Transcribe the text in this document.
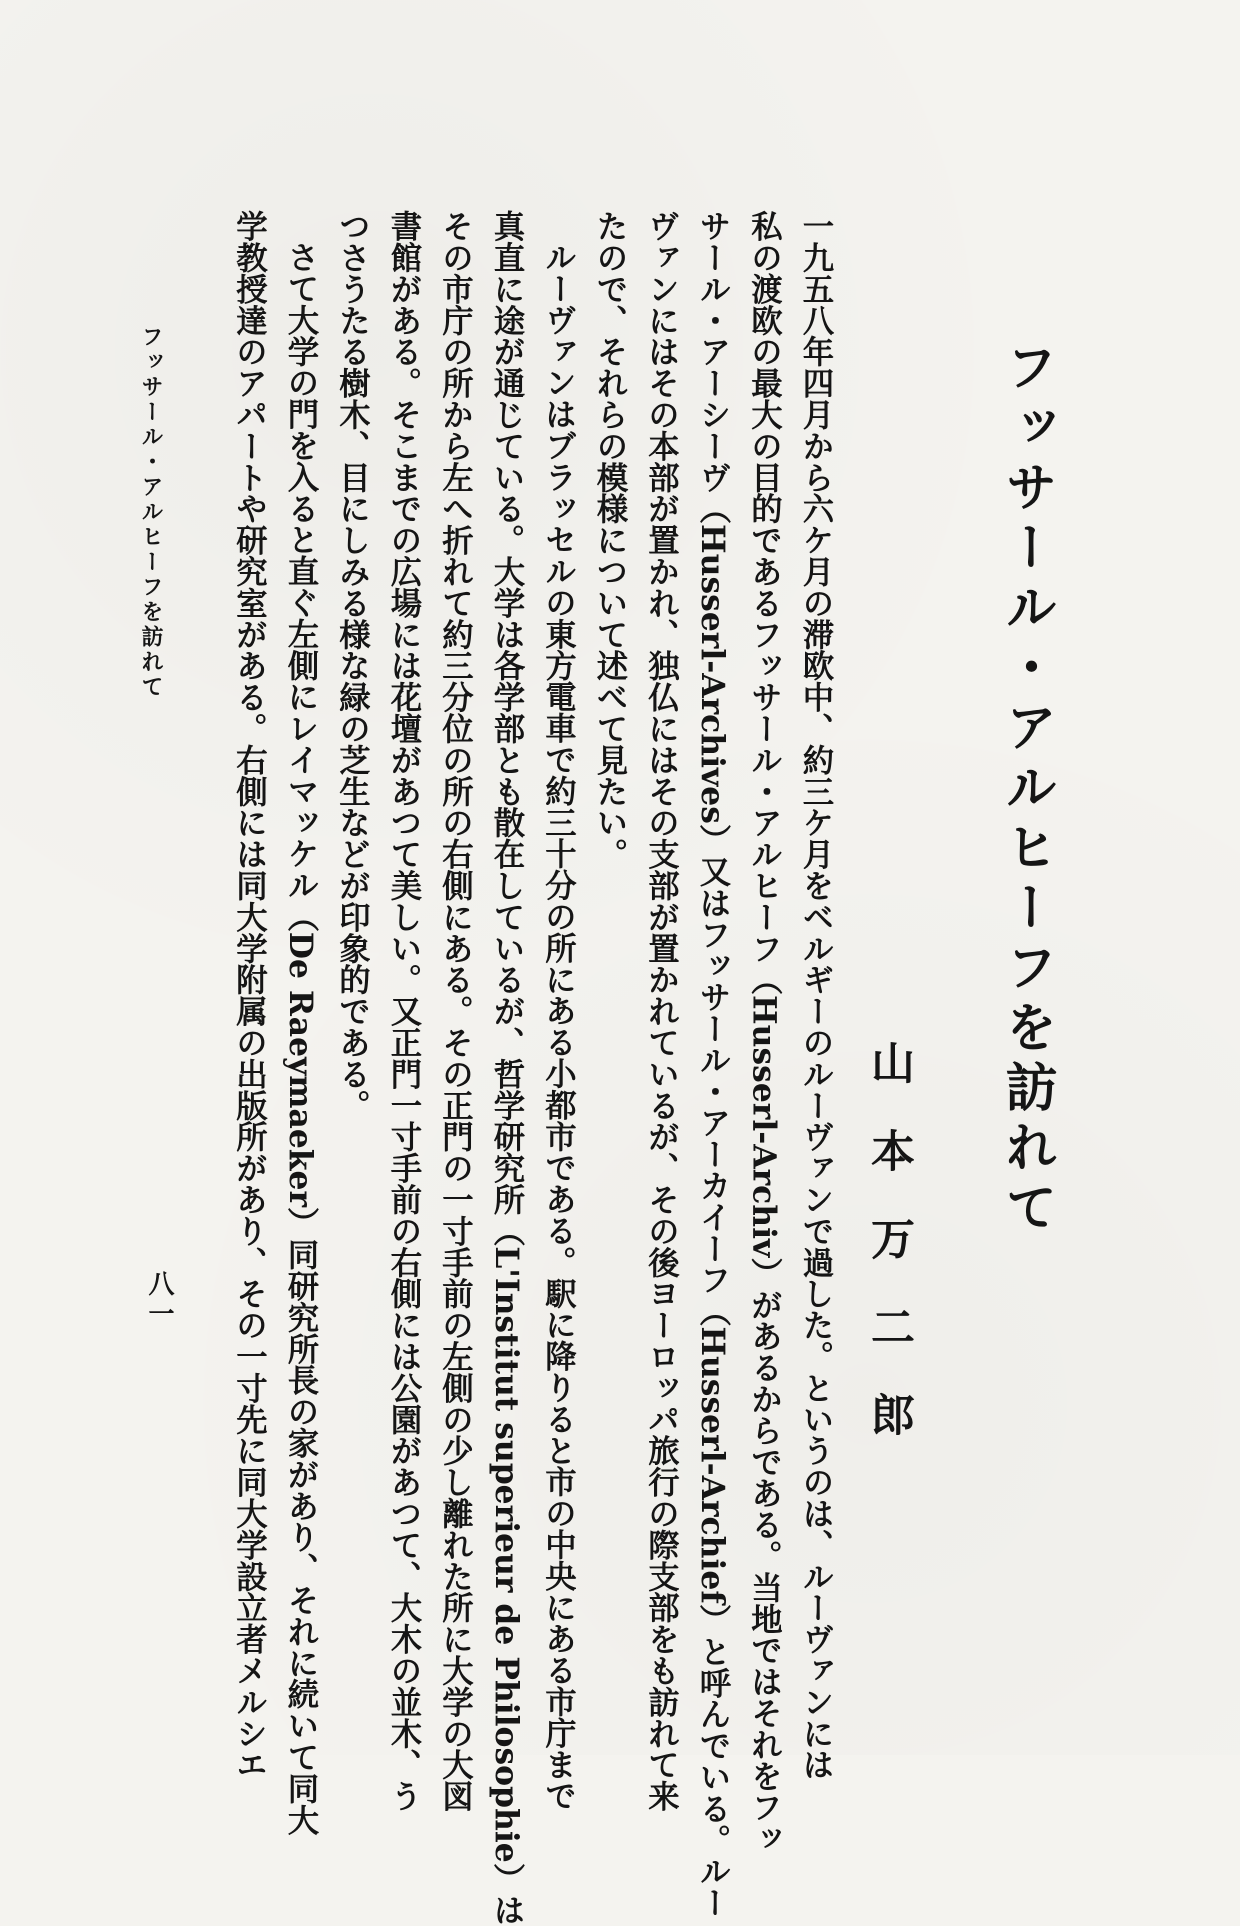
フッサール・アルヒーフを訪れて
山本万二郎
一九五八年四月から六ケ月の滞欧中、約三ケ月をベルギーのルーヴァンで過した。というのは、ルーヴァンには
私の渡欧の最大の目的であるフッサール・アルヒーフ（Husserl-Archiv）があるからである。当地ではそれをフッ
サール・アーシーヴ（Husserl-Archives）又はフッサール・アーカイーフ（Husserl-Archief）と呼んでいる。ルー
ヴァンにはその本部が置かれ、独仏にはその支部が置かれているが、その後ヨーロッパ旅行の際支部をも訪れて来
たので、それらの模様について述べて見たい。
ルーヴァンはブラッセルの東方電車で約三十分の所にある小都市である。駅に降りると市の中央にある市庁まで
真直に途が通じている。大学は各学部とも散在しているが、哲学研究所（L'Institut superieur de Philosophie）は
その市庁の所から左へ折れて約三分位の所の右側にある。その正門の一寸手前の左側の少し離れた所に大学の大図
書館がある。そこまでの広場には花壇があつて美しい。又正門一寸手前の右側には公園があつて、大木の並木、う
つさうたる樹木、目にしみる様な緑の芝生などが印象的である。
さて大学の門を入ると直ぐ左側にレイマッケル（De Raeymaeker）同研究所長の家があり、それに続いて同大
学教授達のアパートや研究室がある。右側には同大学附属の出版所があり、その一寸先に同大学設立者メルシエ
フッサール・アルヒーフを訪れて
八一
